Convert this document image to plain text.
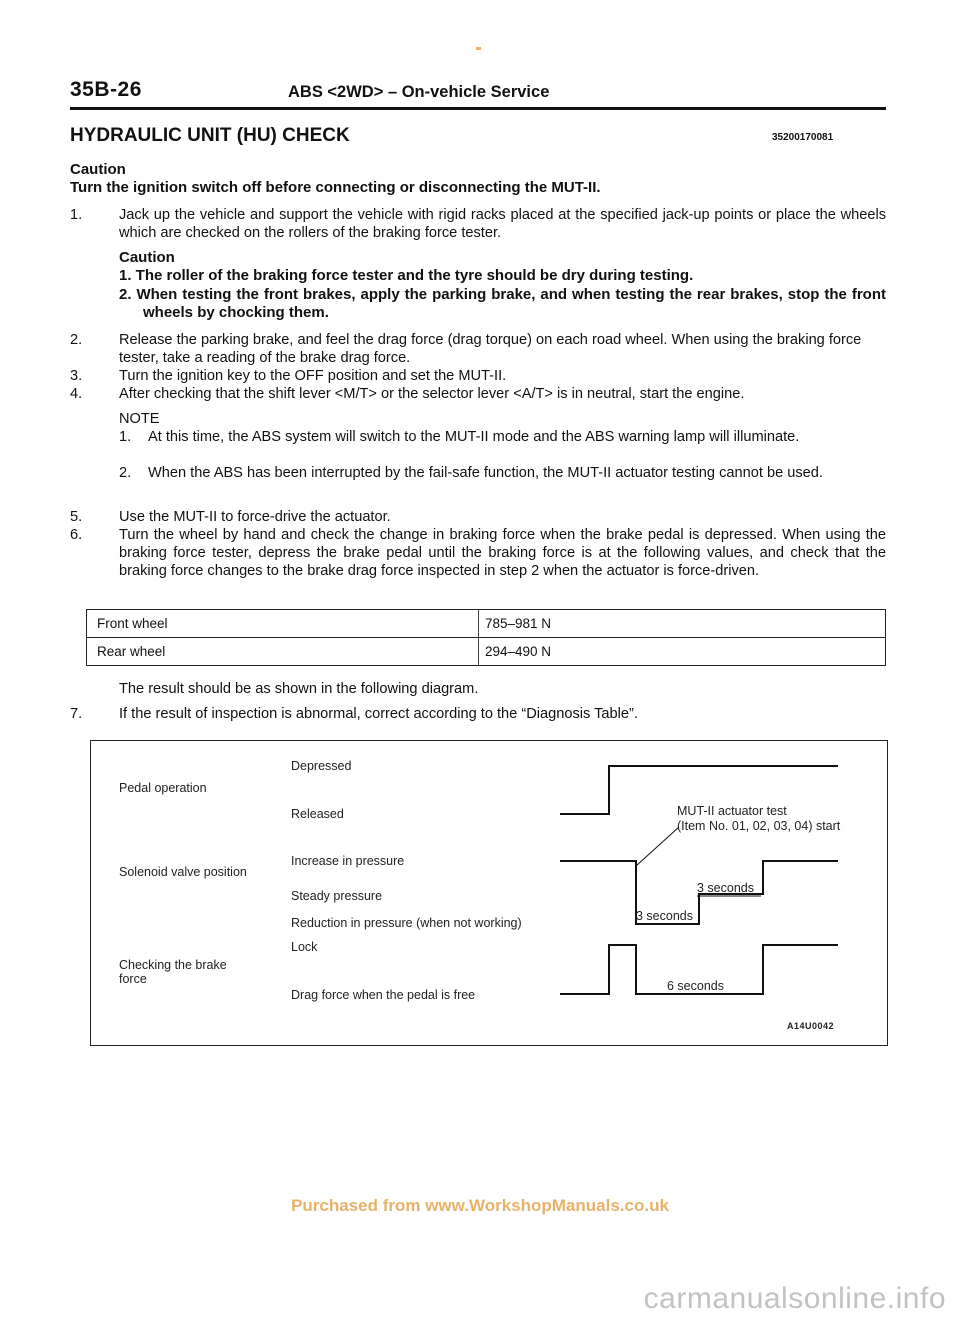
35B-26	ABS <2WD> – On-vehicle Service
HYDRAULIC UNIT (HU) CHECK	35200170081
Caution
Turn the ignition switch off before connecting or disconnecting the MUT-II.
1.	Jack up the vehicle and support the vehicle with rigid racks placed at the specified jack-up points or place the wheels which are checked on the rollers of the braking force tester.
Caution
1. The roller of the braking force tester and the tyre should be dry during testing.
2. When testing the front brakes, apply the parking brake, and when testing the rear brakes, stop the front wheels by chocking them.
2.	Release the parking brake, and feel the drag force (drag torque) on each road wheel. When using the braking force tester, take a reading of the brake drag force.
3.	Turn the ignition key to the OFF position and set the MUT-II.
4.	After checking that the shift lever <M/T> or the selector lever <A/T> is in neutral, start the engine.
NOTE
1. At this time, the ABS system will switch to the MUT-II mode and the ABS warning lamp will illuminate.
2. When the ABS has been interrupted by the fail-safe function, the MUT-II actuator testing cannot be used.
5.	Use the MUT-II to force-drive the actuator.
6.	Turn the wheel by hand and check the change in braking force when the brake pedal is depressed. When using the braking force tester, depress the brake pedal until the braking force is at the following values, and check that the braking force changes to the brake drag force inspected in step 2 when the actuator is force-driven.
Front wheel	785–981 N
Rear wheel	294–490 N
The result should be as shown in the following diagram.
7.	If the result of inspection is abnormal, correct according to the “Diagnosis Table”.
Pedal operation
Depressed
Released	MUT-II actuator test
(Item No. 01, 02, 03, 04) start
Solenoid valve position
Increase in pressure
Steady pressure
Reduction in pressure (when not working)
Checking the brake force
Lock
Drag force when the pedal is free
3 seconds
3 seconds
6 seconds
A14U0042
Purchased from www.WorkshopManuals.co.uk
carmanualsonline.info
